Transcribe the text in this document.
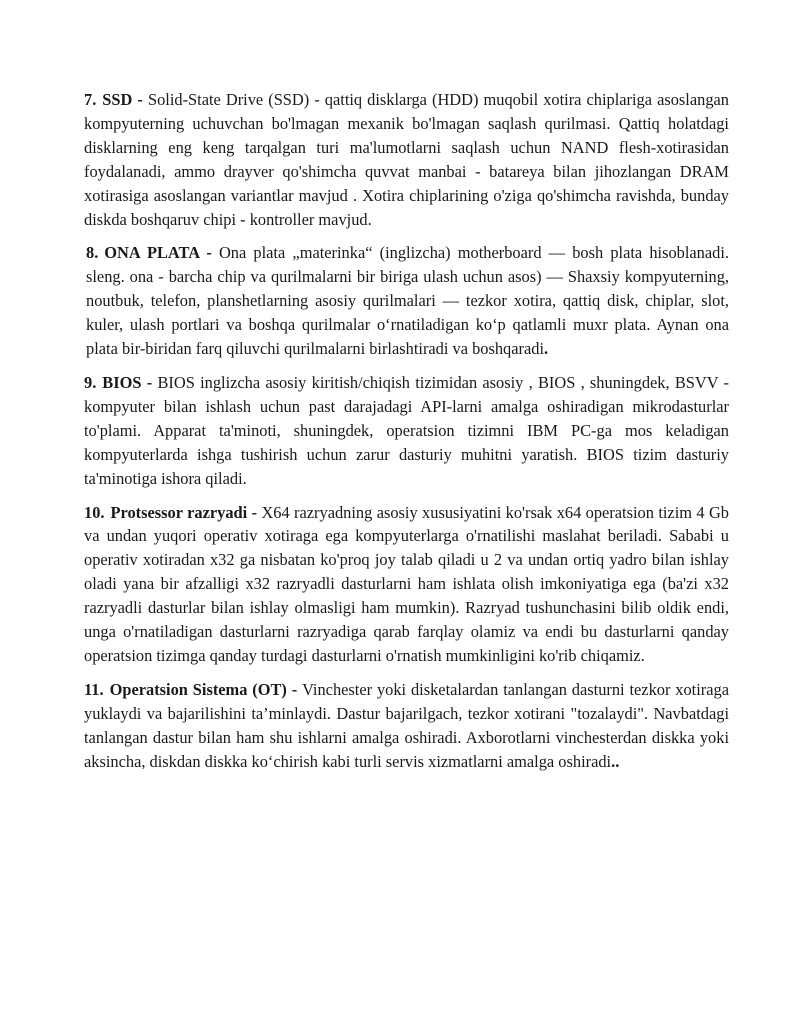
7. SSD - Solid-State Drive (SSD) - qattiq disklarga (HDD) muqobil xotira chiplariga asoslangan kompyuterning uchuvchan bo'lmagan mexanik bo'lmagan saqlash qurilmasi. Qattiq holatdagi disklarning eng keng tarqalgan turi ma'lumotlarni saqlash uchun NAND flesh-xotirasidan foydalanadi, ammo drayver qo'shimcha quvvat manbai - batareya bilan jihozlangan DRAM xotirasiga asoslangan variantlar mavjud . Xotira chiplarining o'ziga qo'shimcha ravishda, bunday diskda boshqaruv chipi - kontroller mavjud.

8. ONA PLATA - Ona plata „materinka“ (inglizcha) motherboard — bosh plata hisoblanadi. sleng. ona - barcha chip va qurilmalarni bir biriga ulash uchun asos) — Shaxsiy kompyuterning, noutbuk, telefon, planshetlarning asosiy qurilmalari — tezkor xotira, qattiq disk, chiplar, slot, kuler, ulash portlari va boshqa qurilmalar oʻrnatiladigan koʻp qatlamli muxr plata. Aynan ona plata bir-biridan farq qiluvchi qurilmalarni birlashtiradi va boshqaradi.

9. BIOS - BIOS inglizcha asosiy kiritish/chiqish tizimidan asosiy , BIOS , shuningdek, BSVV - kompyuter bilan ishlash uchun past darajadagi API-larni amalga oshiradigan mikrodasturlar to'plami. Apparat ta'minoti, shuningdek, operatsion tizimni IBM PC-ga mos keladigan kompyuterlarda ishga tushirish uchun zarur dasturiy muhitni yaratish. BIOS tizim dasturiy ta'minotiga ishora qiladi.

10. Protsessor razryadi - X64 razryadning asosiy xususiyatini ko'rsak x64 operatsion tizim 4 Gb va undan yuqori operativ xotiraga ega kompyuterlarga o'rnatilishi maslahat beriladi. Sababi u operativ xotiradan x32 ga nisbatan ko'proq joy talab qiladi u 2 va undan ortiq yadro bilan ishlay oladi yana bir afzalligi x32 razryadli dasturlarni ham ishlata olish imkoniyatiga ega (ba'zi x32 razryadli dasturlar bilan ishlay olmasligi ham mumkin). Razryad tushunchasini bilib oldik endi, unga o'rnatiladigan dasturlarni razryadiga qarab farqlay olamiz va endi bu dasturlarni qanday operatsion tizimga qanday turdagi dasturlarni o'rnatish mumkinligini ko'rib chiqamiz.

11. Operatsion Sistema (OT) - Vinchester yoki disketalardan tanlangan dasturni tezkor xotiraga yuklaydi va bajarilishini ta’minlaydi. Dastur bajarilgach, tezkor xotirani "tozalaydi". Navbatdagi tanlangan dastur bilan ham shu ishlarni amalga oshiradi. Axborotlarni vinchesterdan diskka yoki aksincha, diskdan diskka koʻchirish kabi turli servis xizmatlarni amalga oshiradi..
